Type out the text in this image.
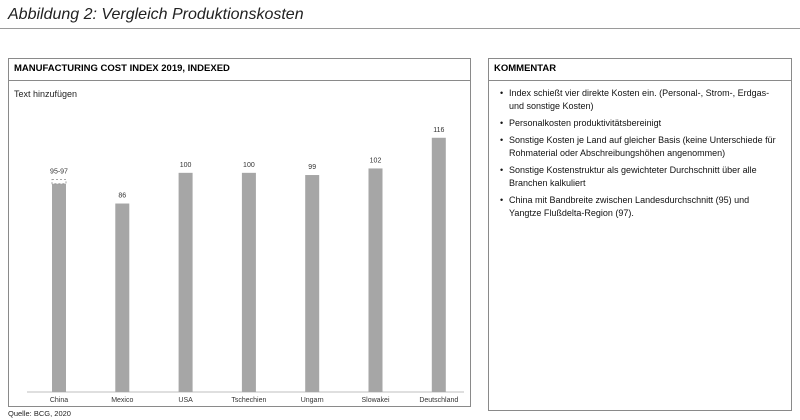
Abbildung 2: Vergleich Produktionskosten
MANUFACTURING COST INDEX 2019, INDEXED
Text hinzufügen
95-97
China
86
Mexico
100
USA
100
Tschechien
99
Ungarn
102
Slowakei
116
Deutschland
KOMMENTAR
• Index schießt vier direkte Kosten ein. (Personal-, Strom-, Erdgas- und sonstige Kosten)
• Personalkosten produktivitätsbereinigt
• Sonstige Kosten je Land auf gleicher Basis (keine Unterschiede für Rohmaterial oder Abschreibungshöhen angenommen)
• Sonstige Kostenstruktur als gewichteter Durchschnitt über alle Branchen kalkuliert
• China mit Bandbreite zwischen Landesdurchschnitt (95) und Yangtze Flußdelta-Region (97).
Quelle: BCG, 2020
